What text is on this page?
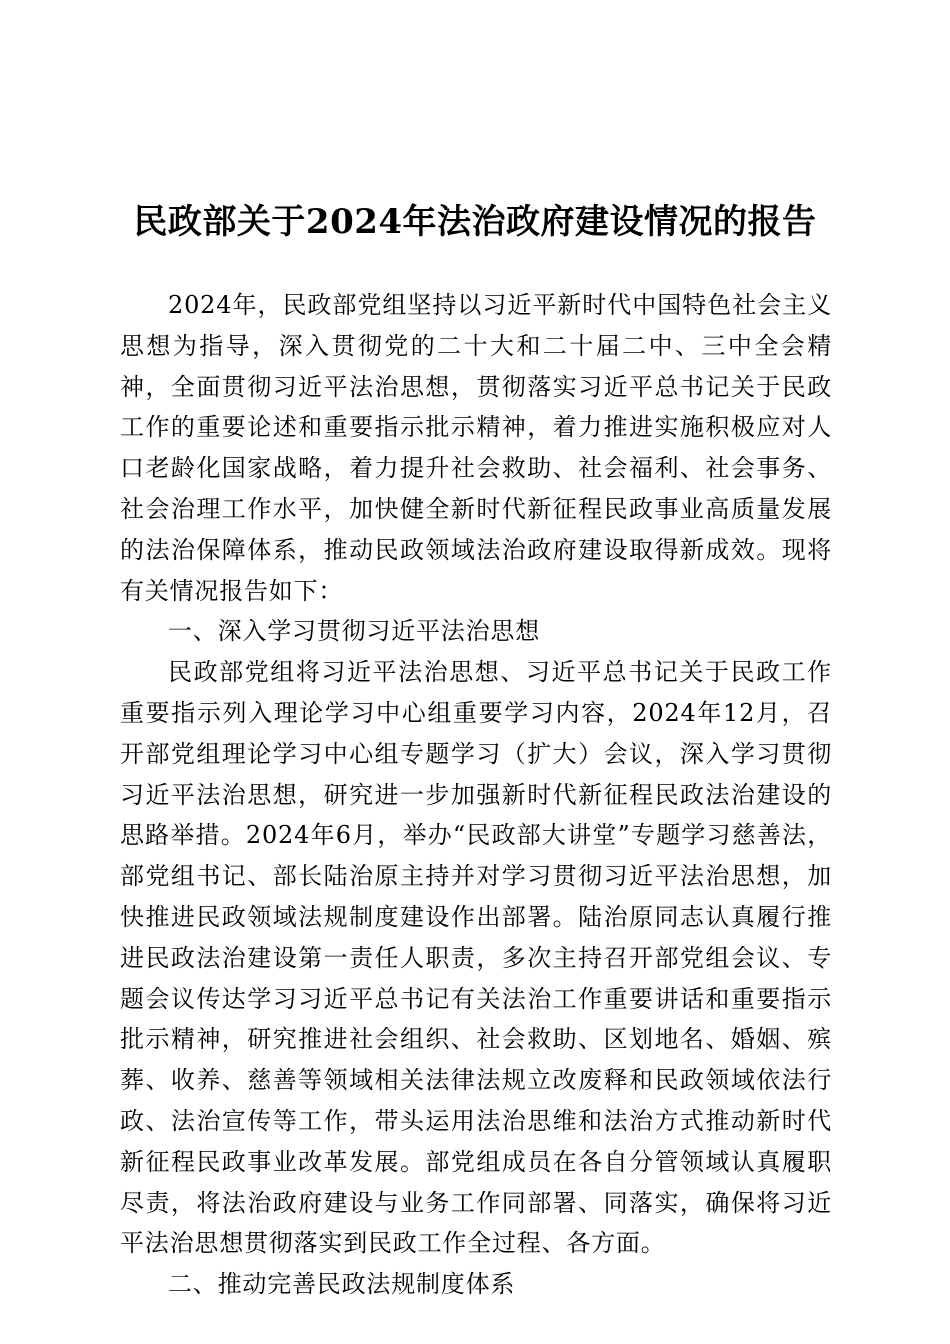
民政部关于2024年法治政府建设情况的报告

2024年，民政部党组坚持以习近平新时代中国特色社会主义思想为指导，深入贯彻党的二十大和二十届二中、三中全会精神，全面贯彻习近平法治思想，贯彻落实习近平总书记关于民政工作的重要论述和重要指示批示精神，着力推进实施积极应对人口老龄化国家战略，着力提升社会救助、社会福利、社会事务、社会治理工作水平，加快健全新时代新征程民政事业高质量发展的法治保障体系，推动民政领域法治政府建设取得新成效。现将有关情况报告如下：

一、深入学习贯彻习近平法治思想

民政部党组将习近平法治思想、习近平总书记关于民政工作重要指示列入理论学习中心组重要学习内容，2024年12月，召开部党组理论学习中心组专题学习（扩大）会议，深入学习贯彻习近平法治思想，研究进一步加强新时代新征程民政法治建设的思路举措。2024年6月，举办“民政部大讲堂”专题学习慈善法，部党组书记、部长陆治原主持并对学习贯彻习近平法治思想，加快推进民政领域法规制度建设作出部署。陆治原同志认真履行推进民政法治建设第一责任人职责，多次主持召开部党组会议、专题会议传达学习习近平总书记有关法治工作重要讲话和重要指示批示精神，研究推进社会组织、社会救助、区划地名、婚姻、殡葬、收养、慈善等领域相关法律法规立改废释和民政领域依法行政、法治宣传等工作，带头运用法治思维和法治方式推动新时代新征程民政事业改革发展。部党组成员在各自分管领域认真履职尽责，将法治政府建设与业务工作同部署、同落实，确保将习近平法治思想贯彻落实到民政工作全过程、各方面。

二、推动完善民政法规制度体系
